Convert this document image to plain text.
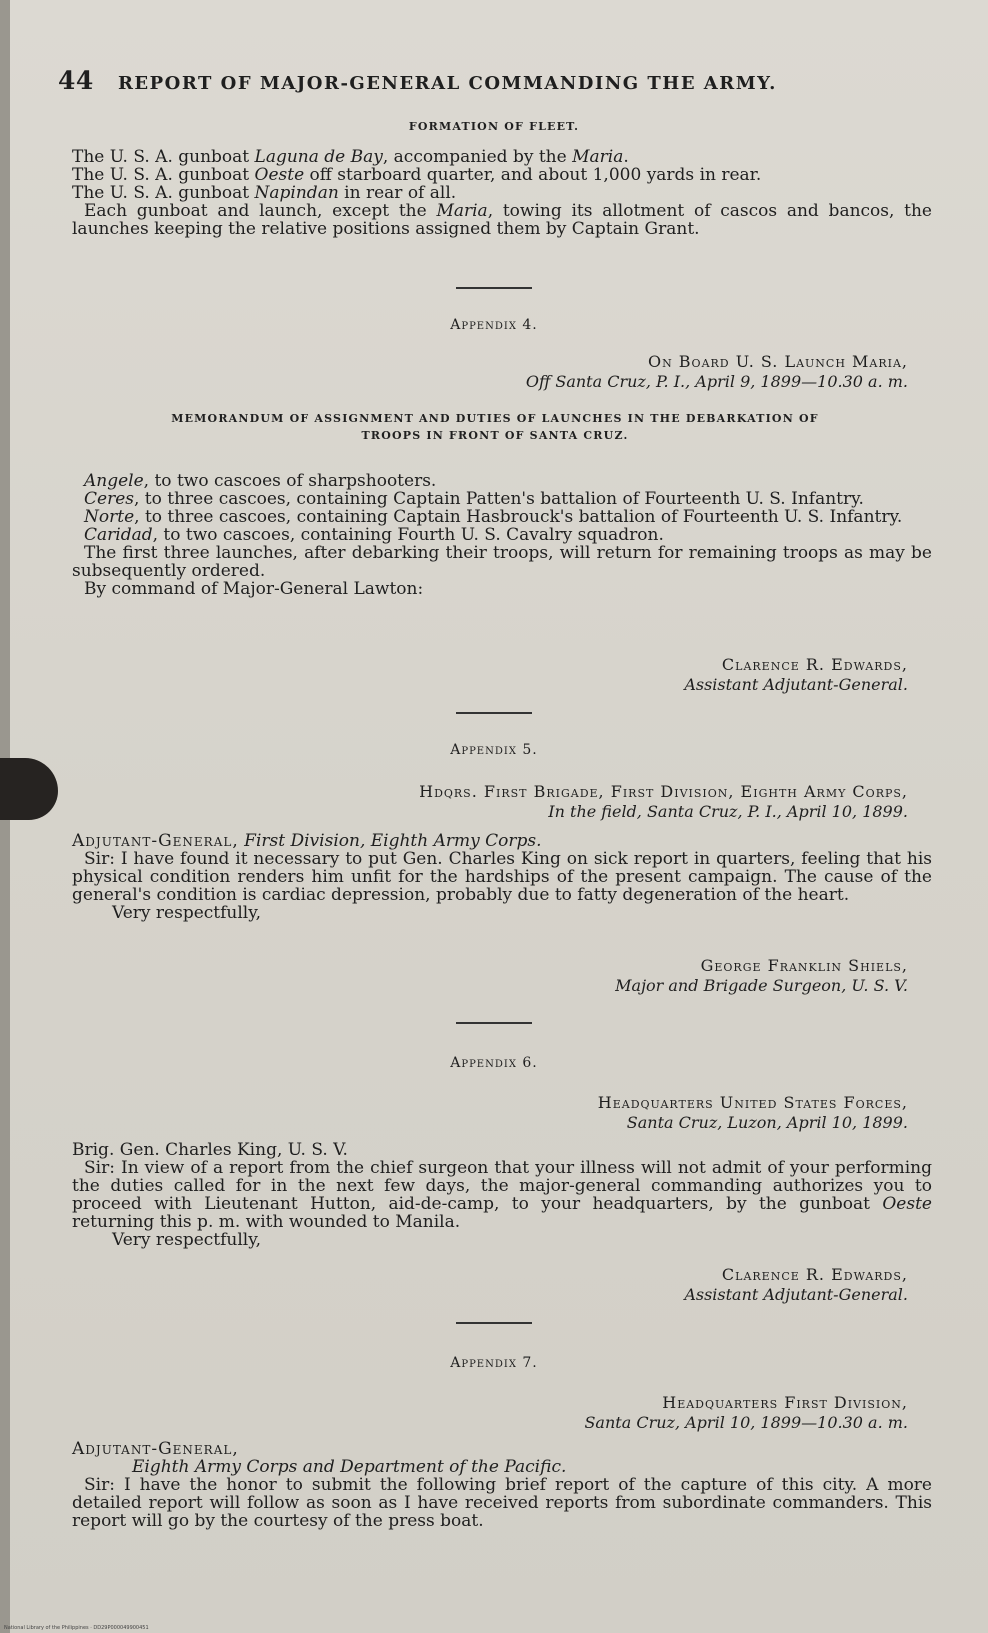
44 REPORT OF MAJOR-GENERAL COMMANDING THE ARMY.
FORMATION OF FLEET.

The U. S. A. gunboat Laguna de Bay, accompanied by the Maria.

The U. S. A. gunboat Oeste off starboard quarter, and about 1,000 yards in rear.

The U. S. A. gunboat Napindan in rear of all.

Each gunboat and launch, except the Maria, towing its allotment of cascos and bancos, the launches keeping the relative positions assigned them by Captain Grant.

Appendix 4.
On Board U. S. Launch Maria,
Off Santa Cruz, P. I., April 9, 1899—10.30 a. m.
MEMORANDUM OF ASSIGNMENT AND DUTIES OF LAUNCHES IN THE DEBARKATION OF
TROOPS IN FRONT OF SANTA CRUZ.

Angele, to two cascoes of sharpshooters.

Ceres, to three cascoes, containing Captain Patten's battalion of Fourteenth U. S. Infantry.

Norte, to three cascoes, containing Captain Hasbrouck's battalion of Fourteenth U. S. Infantry.

Caridad, to two cascoes, containing Fourth U. S. Cavalry squadron.

The first three launches, after debarking their troops, will return for remaining troops as may be subsequently ordered.

By command of Major-General Lawton:

Clarence R. Edwards,
Assistant Adjutant-General.
Appendix 5.
Hdqrs. First Brigade, First Division, Eighth Army Corps,
In the field, Santa Cruz, P. I., April 10, 1899.

Adjutant-General, First Division, Eighth Army Corps.

Sir: I have found it necessary to put Gen. Charles King on sick report in quarters, feeling that his physical condition renders him unfit for the hardships of the present campaign. The cause of the general's condition is cardiac depression, probably due to fatty degeneration of the heart.

Very respectfully,

George Franklin Shiels,
Major and Brigade Surgeon, U. S. V.
Appendix 6.
Headquarters United States Forces,
Santa Cruz, Luzon, April 10, 1899.

Brig. Gen. Charles King, U. S. V.

Sir: In view of a report from the chief surgeon that your illness will not admit of your performing the duties called for in the next few days, the major-general commanding authorizes you to proceed with Lieutenant Hutton, aid-de-camp, to your headquarters, by the gunboat Oeste returning this p. m. with wounded to Manila.

Very respectfully,

Clarence R. Edwards,
Assistant Adjutant-General.
Appendix 7.
Headquarters First Division,
Santa Cruz, April 10, 1899—10.30 a. m.

Adjutant-General,

Eighth Army Corps and Department of the Pacific.

Sir: I have the honor to submit the following brief report of the capture of this city. A more detailed report will follow as soon as I have received reports from subordinate commanders. This report will go by the courtesy of the press boat.

National Library of the Philippines · DD29P000049900451
